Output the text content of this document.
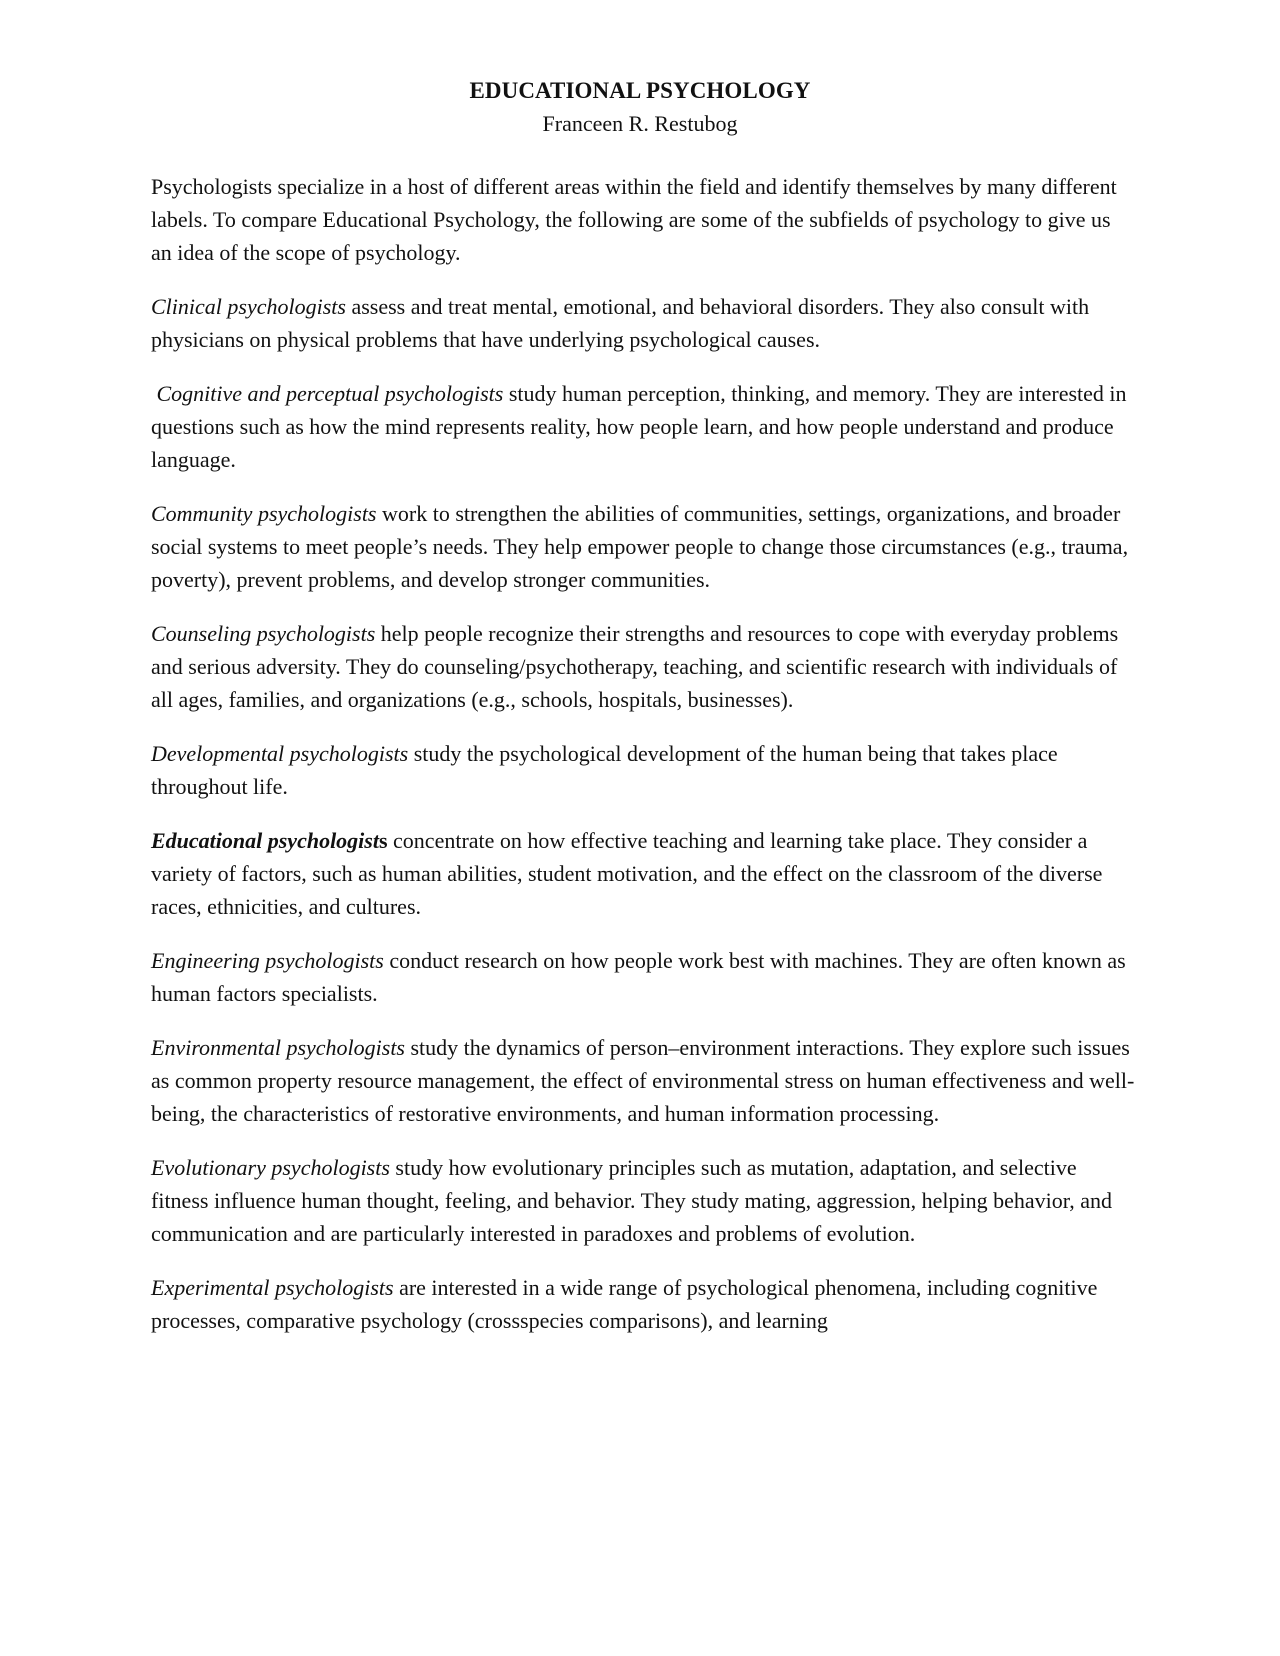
EDUCATIONAL PSYCHOLOGY

Franceen R. Restubog

Psychologists specialize in a host of different areas within the field and identify themselves by many different labels. To compare Educational Psychology, the following are some of the subfields of psychology to give us an idea of the scope of psychology.

Clinical psychologists assess and treat mental, emotional, and behavioral disorders. They also consult with physicians on physical problems that have underlying psychological causes.

Cognitive and perceptual psychologists study human perception, thinking, and memory. They are interested in questions such as how the mind represents reality, how people learn, and how people understand and produce language.

Community psychologists work to strengthen the abilities of communities, settings, organizations, and broader social systems to meet people’s needs. They help empower people to change those circumstances (e.g., trauma, poverty), prevent problems, and develop stronger communities.

Counseling psychologists help people recognize their strengths and resources to cope with everyday problems and serious adversity. They do counseling/psychotherapy, teaching, and scientific research with individuals of all ages, families, and organizations (e.g., schools, hospitals, businesses).

Developmental psychologists study the psychological development of the human being that takes place throughout life.

Educational psychologists concentrate on how effective teaching and learning take place. They consider a variety of factors, such as human abilities, student motivation, and the effect on the classroom of the diverse races, ethnicities, and cultures.

Engineering psychologists conduct research on how people work best with machines. They are often known as human factors specialists.

Environmental psychologists study the dynamics of person–environment interactions. They explore such issues as common property resource management, the effect of environmental stress on human effectiveness and well-being, the characteristics of restorative environments, and human information processing.

Evolutionary psychologists study how evolutionary principles such as mutation, adaptation, and selective fitness influence human thought, feeling, and behavior. They study mating, aggression, helping behavior, and communication and are particularly interested in paradoxes and problems of evolution.

Experimental psychologists are interested in a wide range of psychological phenomena, including cognitive processes, comparative psychology (crossspecies comparisons), and learning
